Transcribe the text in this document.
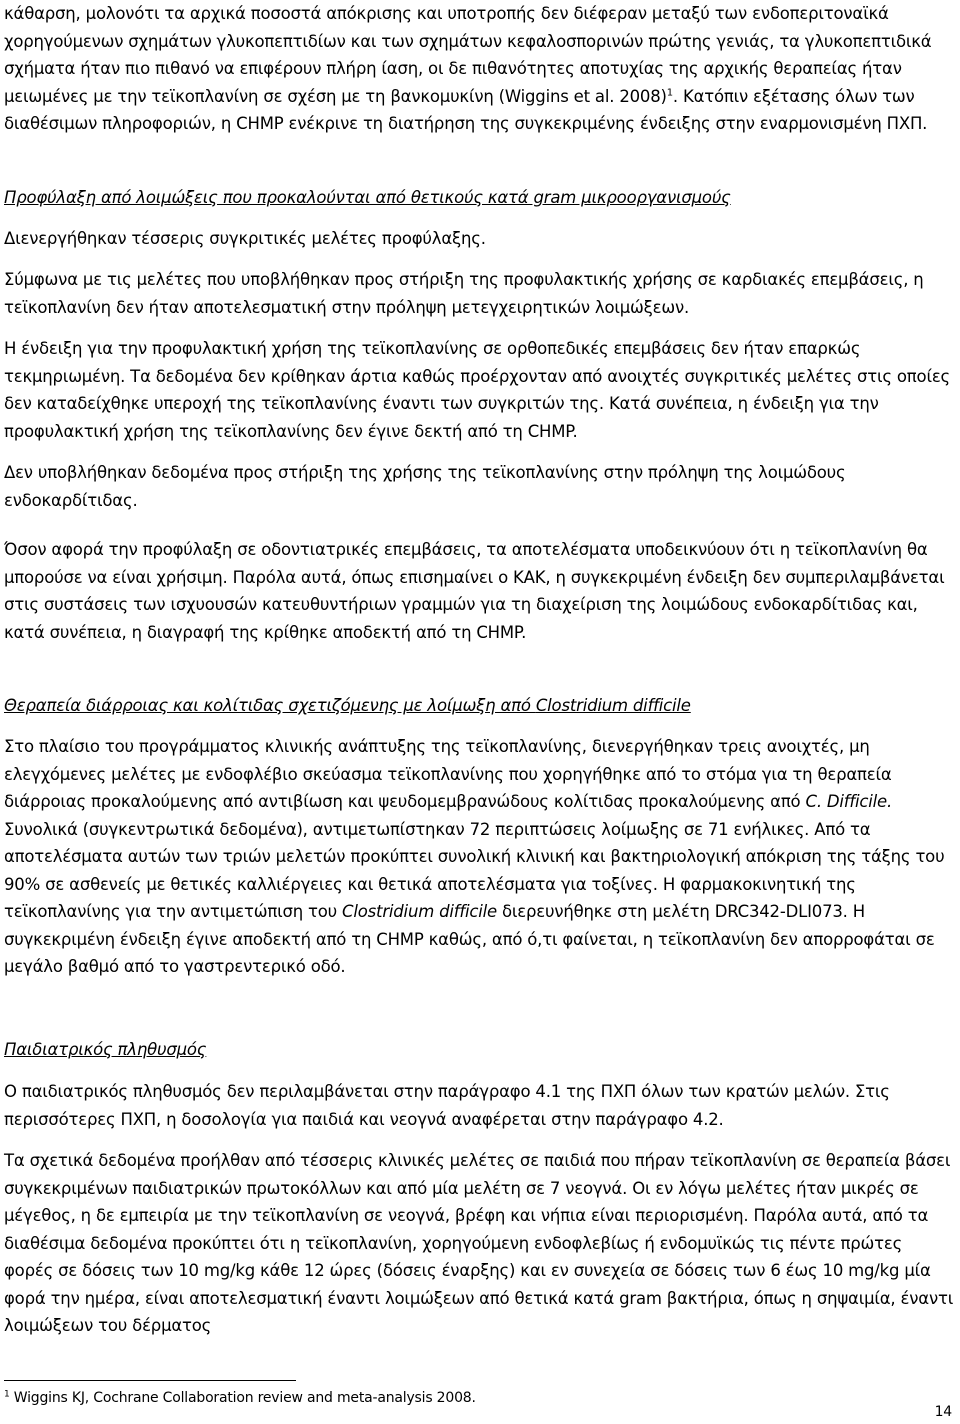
κάθαρση, μολονότι τα αρχικά ποσοστά απόκρισης και υποτροπής δεν διέφεραν μεταξύ των ενδοπεριτοναϊκά χορηγούμενων σχημάτων γλυκοπεπτιδίων και των σχημάτων κεφαλοσπορινών πρώτης γενιάς, τα γλυκοπεπτιδικά σχήματα ήταν πιο πιθανό να επιφέρουν πλήρη ίαση, οι δε πιθανότητες αποτυχίας της αρχικής θεραπείας ήταν μειωμένες με την τεϊκοπλανίνη σε σχέση με τη βανκομυκίνη (Wiggins et al. 2008)$^1$. Κατόπιν εξέτασης όλων των διαθέσιμων πληροφοριών, η CHMP ενέκρινε τη διατήρηση της συγκεκριμένης ένδειξης στην εναρμονισμένη ΠΧΠ.

Προφύλαξη από λοιμώξεις που προκαλούνται από θετικούς κατά gram μικροοργανισμούς

Διενεργήθηκαν τέσσερις συγκριτικές μελέτες προφύλαξης.

Σύμφωνα με τις μελέτες που υποβλήθηκαν προς στήριξη της προφυλακτικής χρήσης σε καρδιακές επεμβάσεις, η τεϊκοπλανίνη δεν ήταν αποτελεσματική στην πρόληψη μετεγχειρητικών λοιμώξεων.

Η ένδειξη για την προφυλακτική χρήση της τεϊκοπλανίνης σε ορθοπεδικές επεμβάσεις δεν ήταν επαρκώς τεκμηριωμένη. Τα δεδομένα δεν κρίθηκαν άρτια καθώς προέρχονταν από ανοιχτές συγκριτικές μελέτες στις οποίες δεν καταδείχθηκε υπεροχή της τεϊκοπλανίνης έναντι των συγκριτών της. Κατά συνέπεια, η ένδειξη για την προφυλακτική χρήση της τεϊκοπλανίνης δεν έγινε δεκτή από τη CHMP.

Δεν υποβλήθηκαν δεδομένα προς στήριξη της χρήσης της τεϊκοπλανίνης στην πρόληψη της λοιμώδους ενδοκαρδίτιδας.

Όσον αφορά την προφύλαξη σε οδοντιατρικές επεμβάσεις, τα αποτελέσματα υποδεικνύουν ότι η τεϊκοπλανίνη θα μπορούσε να είναι χρήσιμη. Παρόλα αυτά, όπως επισημαίνει ο ΚΑΚ, η συγκεκριμένη ένδειξη δεν συμπεριλαμβάνεται στις συστάσεις των ισχυουσών κατευθυντήριων γραμμών για τη διαχείριση της λοιμώδους ενδοκαρδίτιδας και, κατά συνέπεια, η διαγραφή της κρίθηκε αποδεκτή από τη CHMP.

Θεραπεία διάρροιας και κολίτιδας σχετιζόμενης με λοίμωξη από Clostridium difficile

Στο πλαίσιο του προγράμματος κλινικής ανάπτυξης της τεϊκοπλανίνης, διενεργήθηκαν τρεις ανοιχτές, μη ελεγχόμενες μελέτες με ενδοφλέβιο σκεύασμα τεϊκοπλανίνης που χορηγήθηκε από το στόμα για τη θεραπεία διάρροιας προκαλούμενης από αντιβίωση και ψευδομεμβρανώδους κολίτιδας προκαλούμενης από C. Difficile. Συνολικά (συγκεντρωτικά δεδομένα), αντιμετωπίστηκαν 72 περιπτώσεις λοίμωξης σε 71 ενήλικες. Από τα αποτελέσματα αυτών των τριών μελετών προκύπτει συνολική κλινική και βακτηριολογική απόκριση της τάξης του 90% σε ασθενείς με θετικές καλλιέργειες και θετικά αποτελέσματα για τοξίνες. Η φαρμακοκινητική της τεϊκοπλανίνης για την αντιμετώπιση του Clostridium difficile διερευνήθηκε στη μελέτη DRC342-DLI073. Η συγκεκριμένη ένδειξη έγινε αποδεκτή από τη CHMP καθώς, από ό,τι φαίνεται, η τεϊκοπλανίνη δεν απορροφάται σε μεγάλο βαθμό από το γαστρεντερικό οδό.

Παιδιατρικός πληθυσμός

Ο παιδιατρικός πληθυσμός δεν περιλαμβάνεται στην παράγραφο 4.1 της ΠΧΠ όλων των κρατών μελών. Στις περισσότερες ΠΧΠ, η δοσολογία για παιδιά και νεογνά αναφέρεται στην παράγραφο 4.2.

Τα σχετικά δεδομένα προήλθαν από τέσσερις κλινικές μελέτες σε παιδιά που πήραν τεϊκοπλανίνη σε θεραπεία βάσει συγκεκριμένων παιδιατρικών πρωτοκόλλων και από μία μελέτη σε 7 νεογνά. Οι εν λόγω μελέτες ήταν μικρές σε μέγεθος, η δε εμπειρία με την τεϊκοπλανίνη σε νεογνά, βρέφη και νήπια είναι περιορισμένη. Παρόλα αυτά, από τα διαθέσιμα δεδομένα προκύπτει ότι η τεϊκοπλανίνη, χορηγούμενη ενδοφλεβίως ή ενδομυϊκώς τις πέντε πρώτες φορές σε δόσεις των 10 mg/kg κάθε 12 ώρες (δόσεις έναρξης) και εν συνεχεία σε δόσεις των 6 έως 10 mg/kg μία φορά την ημέρα, είναι αποτελεσματική έναντι λοιμώξεων από θετικά κατά gram βακτήρια, όπως η σηψαιμία, έναντι λοιμώξεων του δέρματος

$^1$ Wiggins KJ, Cochrane Collaboration review and meta-analysis 2008.
14
